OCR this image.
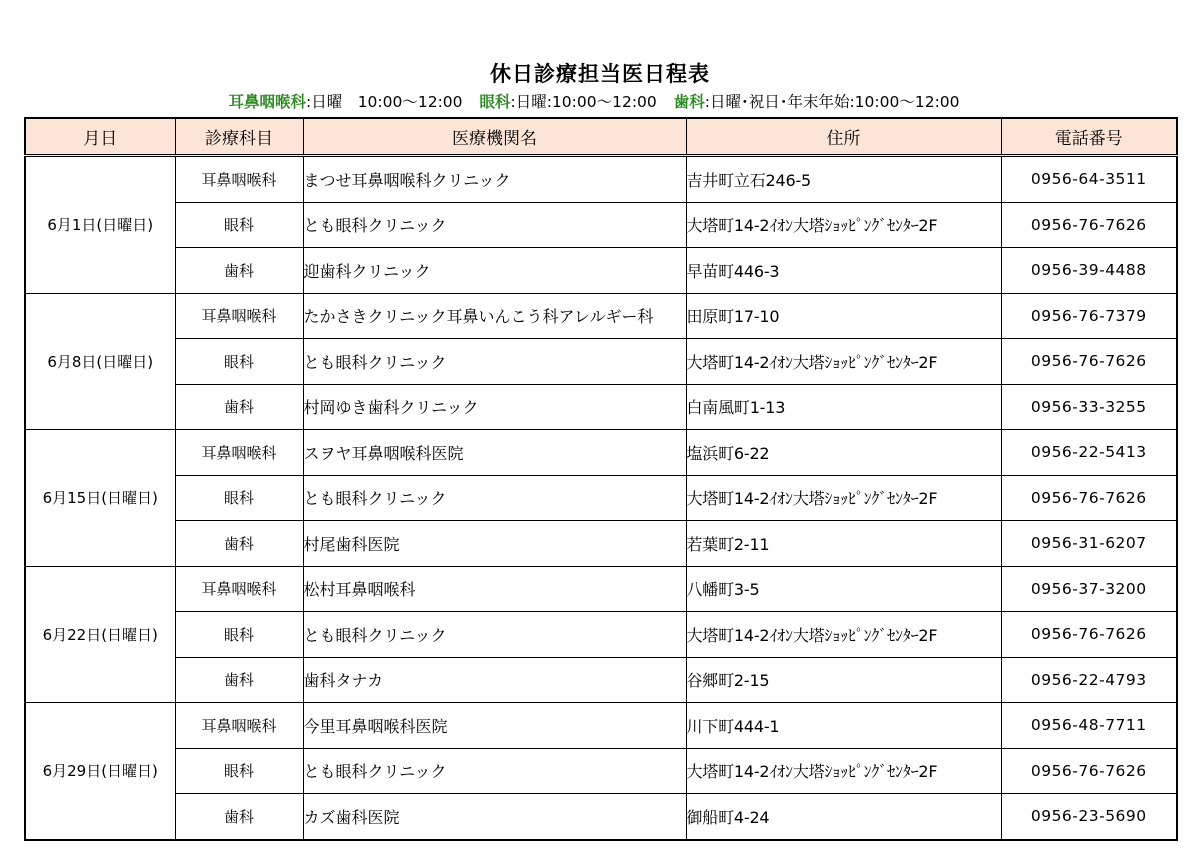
休日診療担当医日程表
耳鼻咽喉科:日曜　10:00〜12:00 眼科:日曜:10:00〜12:00 歯科:日曜･祝日･年末年始:10:00〜12:00
月日	診療科目	医療機関名	住所	電話番号
6月1日(日曜日)	耳鼻咽喉科	まつせ耳鼻咽喉科クリニック	吉井町立石246-5	0956-64-3511
	眼科	とも眼科クリニック	大塔町14-2ｲｵﾝ大塔ｼｮｯﾋﾟﾝｸﾞｾﾝﾀｰ2F	0956-76-7626
	歯科	迎歯科クリニック	早苗町446-3	0956-39-4488
6月8日(日曜日)	耳鼻咽喉科	たかさきクリニック耳鼻いんこう科アレルギー科	田原町17-10	0956-76-7379
	眼科	とも眼科クリニック	大塔町14-2ｲｵﾝ大塔ｼｮｯﾋﾟﾝｸﾞｾﾝﾀｰ2F	0956-76-7626
	歯科	村岡ゆき歯科クリニック	白南風町1-13	0956-33-3255
6月15日(日曜日)	耳鼻咽喉科	スヲヤ耳鼻咽喉科医院	塩浜町6-22	0956-22-5413
	眼科	とも眼科クリニック	大塔町14-2ｲｵﾝ大塔ｼｮｯﾋﾟﾝｸﾞｾﾝﾀｰ2F	0956-76-7626
	歯科	村尾歯科医院	若葉町2-11	0956-31-6207
6月22日(日曜日)	耳鼻咽喉科	松村耳鼻咽喉科	八幡町3-5	0956-37-3200
	眼科	とも眼科クリニック	大塔町14-2ｲｵﾝ大塔ｼｮｯﾋﾟﾝｸﾞｾﾝﾀｰ2F	0956-76-7626
	歯科	歯科タナカ	谷郷町2-15	0956-22-4793
6月29日(日曜日)	耳鼻咽喉科	今里耳鼻咽喉科医院	川下町444-1	0956-48-7711
	眼科	とも眼科クリニック	大塔町14-2ｲｵﾝ大塔ｼｮｯﾋﾟﾝｸﾞｾﾝﾀｰ2F	0956-76-7626
	歯科	カズ歯科医院	御船町4-24	0956-23-5690
